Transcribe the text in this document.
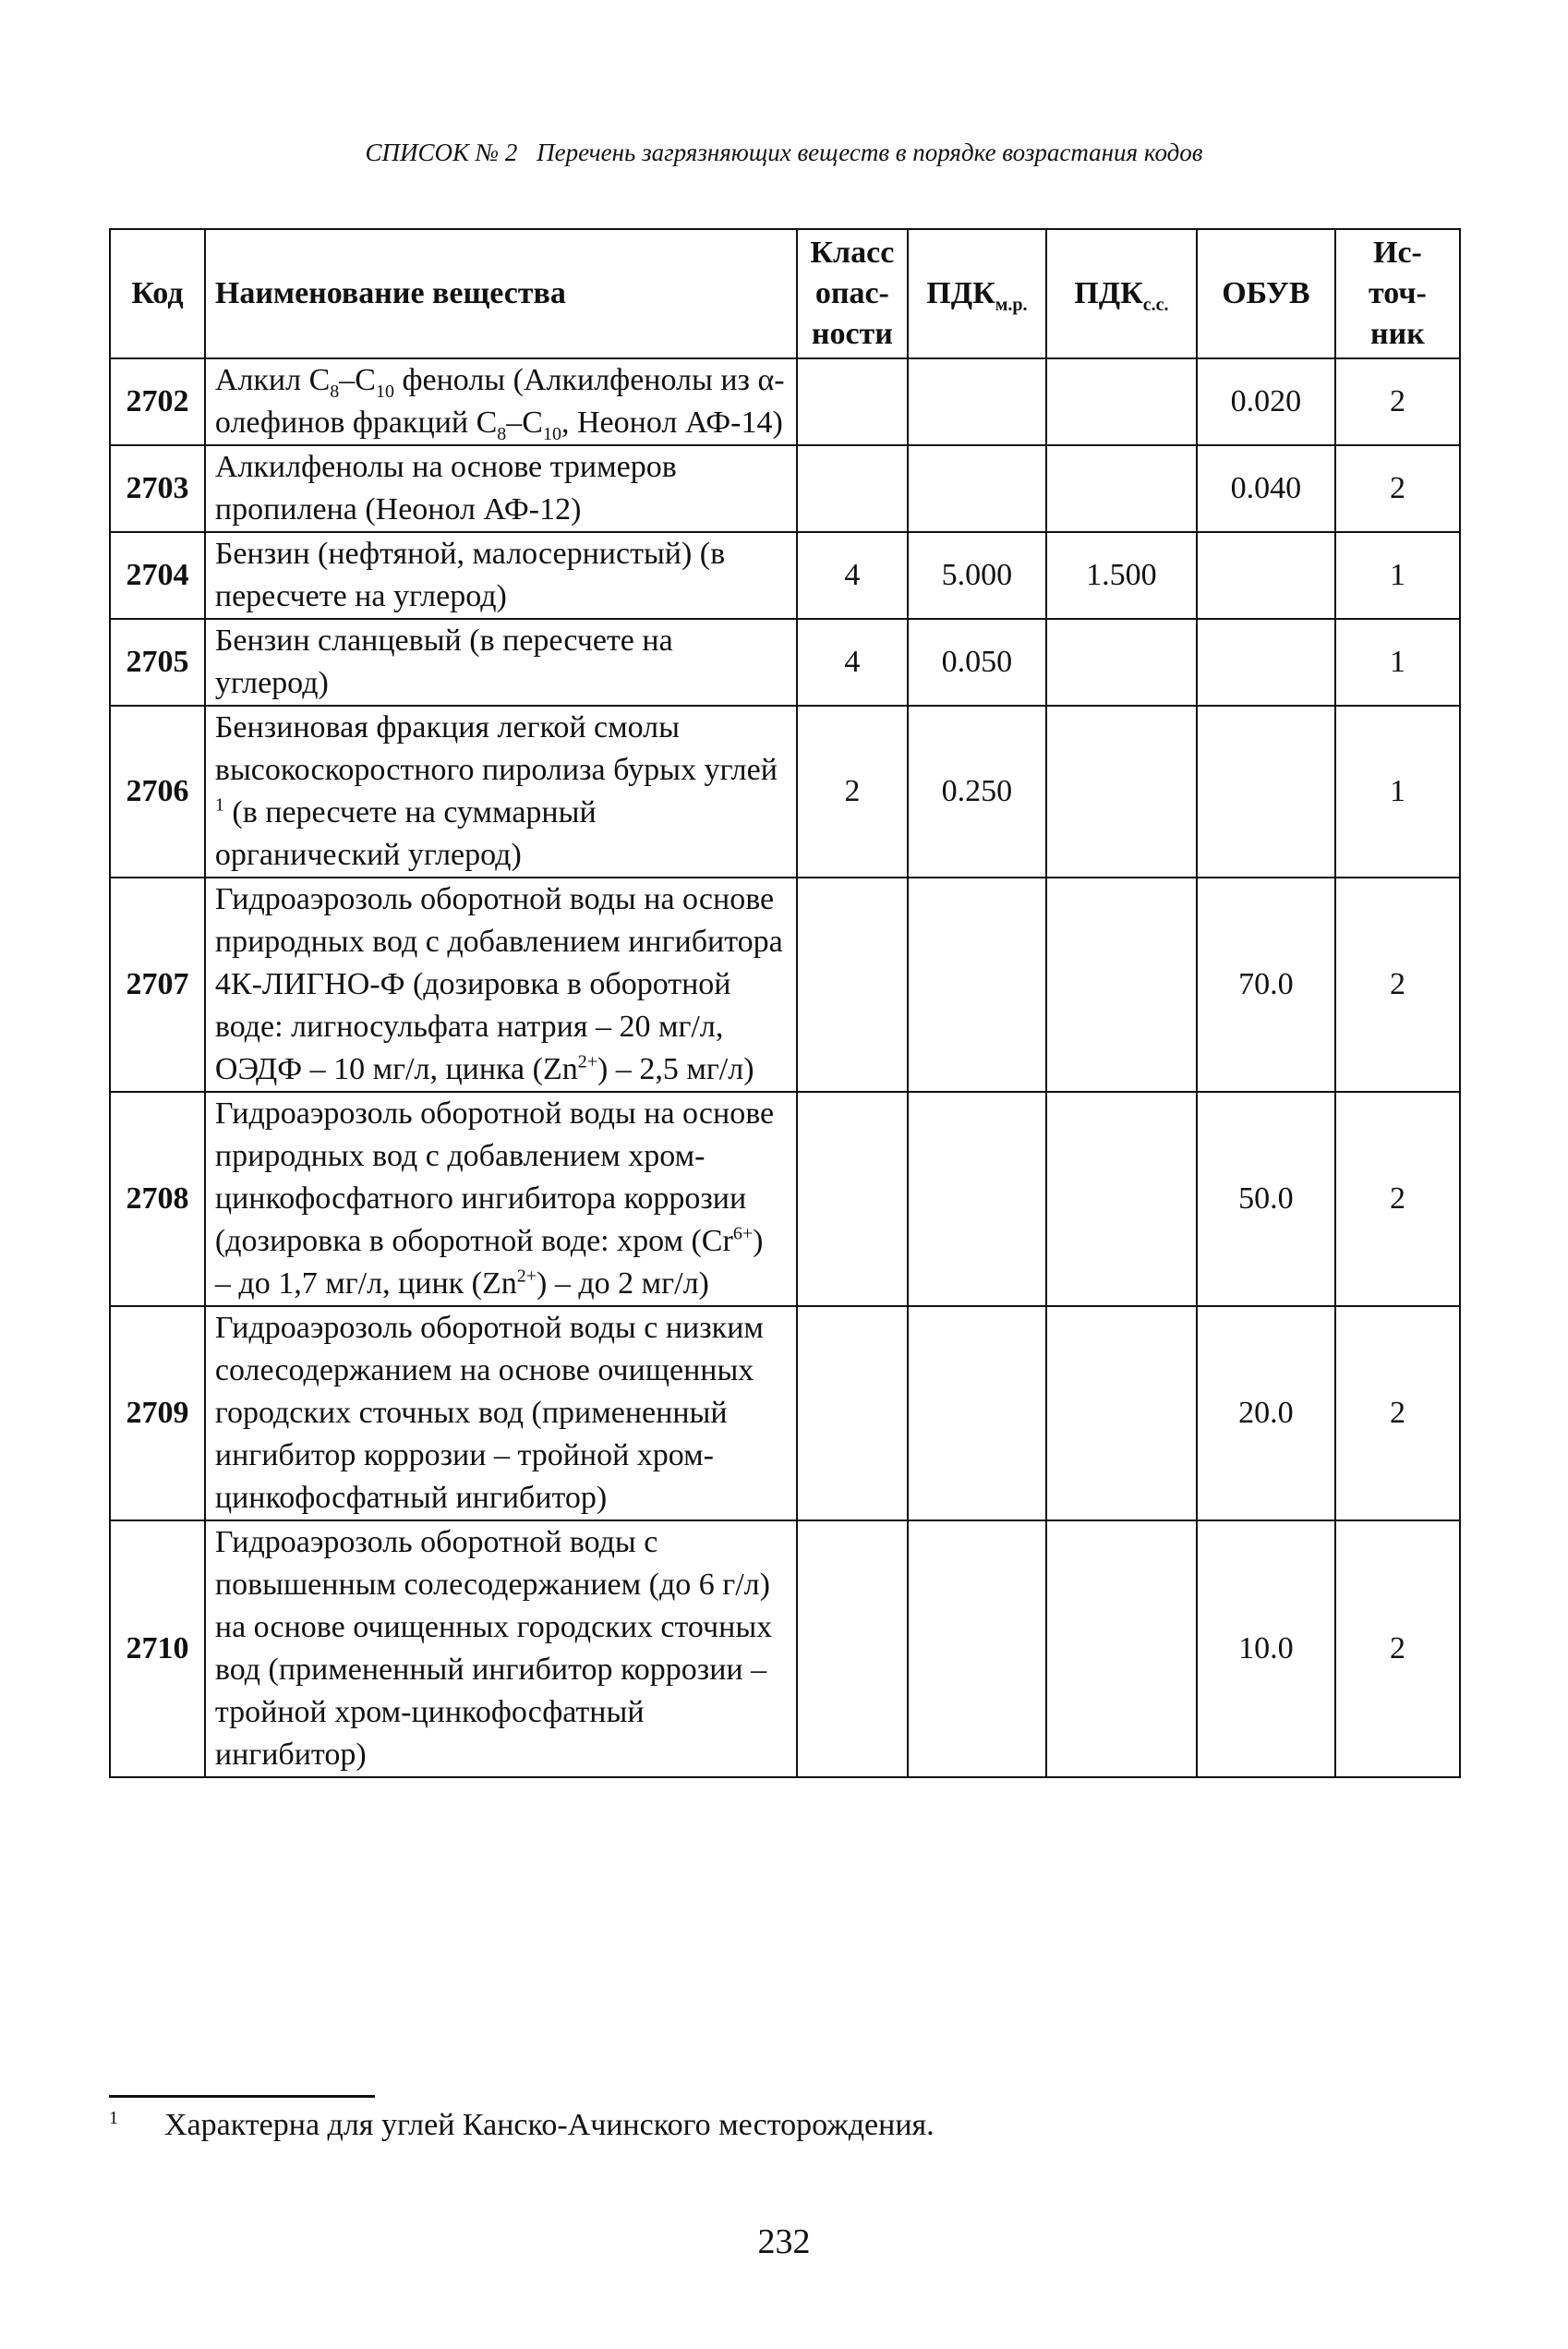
СПИСОК № 2 Перечень загрязняющих веществ в порядке возрастания кодов
Код	Наименование вещества	Класс опас-ности	$ПДК_{м.р.}$	$ПДК_{с.с.}$	ОБУВ	Ис-точ-ник
2702	Алкил $C_8-C_{10}$ фенолы (Алкилфенолы из α-олефинов фракций $C_8-C_{10}$, Неонол АФ-14)				0.020	2
2703	Алкилфенолы на основе тримеров пропилена (Неонол АФ-12)				0.040	2
2704	Бензин (нефтяной, малосернистый) (в пересчете на углерод)	4	5.000	1.500		1
2705	Бензин сланцевый (в пересчете на углерод)	4	0.050			1
2706	Бензиновая фракция легкой смолы высокоскоростного пиролиза бурых углей $^1$ (в пересчете на суммарный органический углерод)	2	0.250			1
2707	Гидроаэрозоль оборотной воды на основе природных вод с добавлением ингибитора 4К-ЛИГНО-Ф (дозировка в оборотной воде: лигносульфата натрия – 20 мг/л, ОЭДФ – 10 мг/л, цинка $(Zn^{2+}) - 2,5$ мг/л)				70.0	2
2708	Гидроаэрозоль оборотной воды на основе природных вод с добавлением хром-цинкофосфатного ингибитора коррозии (дозировка в оборотной воде: хром $(Cr^{6+})$ – до 1,7 мг/л, цинк $(Zn^{2+})$ – до 2 мг/л)				50.0	2
2709	Гидроаэрозоль оборотной воды с низким солесодержанием на основе очищенных городских сточных вод (примененный ингибитор коррозии – тройной хром-цинкофосфатный ингибитор)				20.0	2
2710	Гидроаэрозоль оборотной воды с повышенным солесодержанием (до 6 г/л) на основе очищенных городских сточных вод (примененный ингибитор коррозии – тройной хром-цинкофосфатный ингибитор)				10.0	2
1 Характерна для углей Канско-Ачинского месторождения.
232
